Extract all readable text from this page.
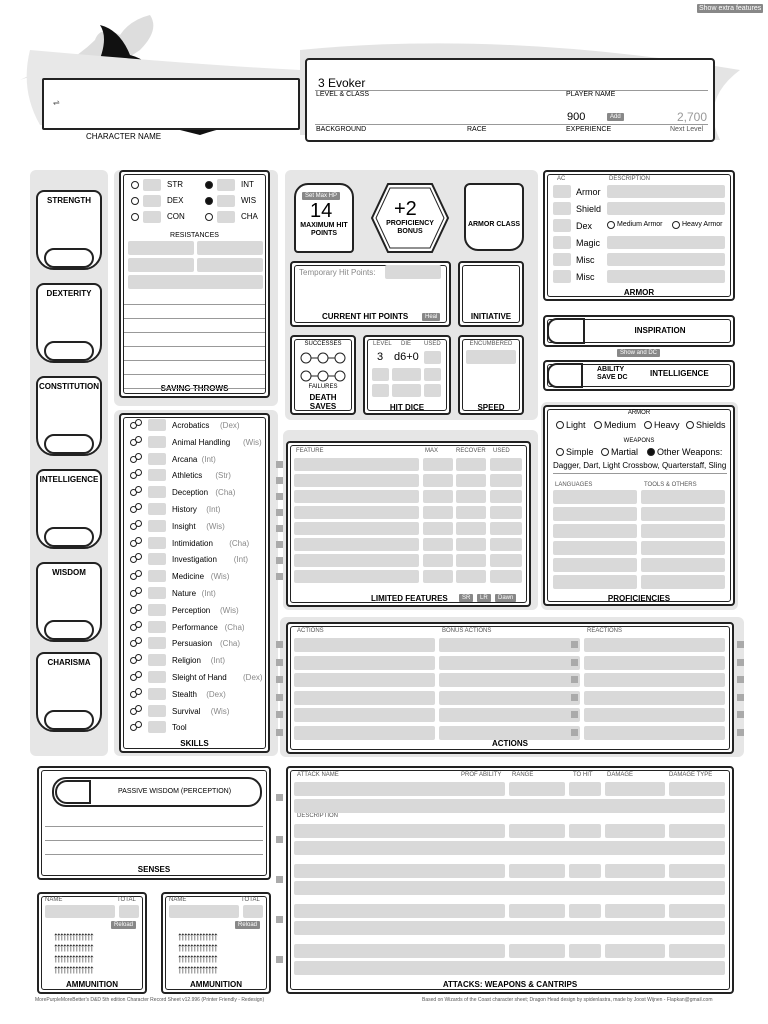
Show extra features
⇌
CHARACTER NAME
3 Evoker
LEVEL & CLASS	PLAYER NAME
900	Add	2,700
BACKGROUND	RACE	EXPERIENCE	Next Level
RESISTANCES
SKILLS
Set Max HP
14
MAXIMUM HIT POINTS
+2
PROFICIENCY BONUS
ARMOR CLASS
Temporary Hit Points:
CURRENT HIT POINTS	Heal	INITIATIVE
SUCCESSES
FAILURES
DEATH SAVES
LEVEL DIE USED
3 d6+0
HIT DICE
ENCUMBERED
SPEED
AC	DESCRIPTION
ARMOR
INSPIRATION
Show and DC
ABILITY SAVE DC	INTELLIGENCE
ARMOR
WEAPONS
Dagger, Dart, Light Crossbow, Quarterstaff, Sling
LANGUAGES	TOOLS & OTHERS
PROFICIENCIES
FEATURE	MAX	RECOVER USED
LIMITED FEATURES	SR	LR	Dawn
ACTIONS	BONUS ACTIONS	REACTIONS
ACTIONS
PASSIVE WISDOM (PERCEPTION)
SENSES
ATTACK NAME	PROF ABILITY RANGE	TO HIT DAMAGE	DAMAGE TYPE
DESCRIPTION
ATTACKS: WEAPONS & CANTRIPS
MorePurpleMoreBetter's D&D 5th edition Character Record Sheet v12.996 (Printer Friendly - Redesign)	Based on Wizards of the Coast character sheet; Dragon Head design by spidenlastra, made by Joost Wijnen - Flapkan@gmail.com
STRENGTH
DEXTERITY
CONSTITUTION
INTELLIGENCE
WISDOM
CHARISMA
STR	INT
DEX	WIS
CON	CHA
Acrobatics (Dex)
Animal Handling (Wis)
Arcana (Int)
Athletics (Str)
Deception (Cha)
History (Int)
Insight (Wis)
Intimidation (Cha)
Investigation (Int)
Medicine (Wis)
Nature (Int)
Perception (Wis)
Performance (Cha)
Persuasion (Cha)
Religion (Int)
Sleight of Hand (Dex)
Stealth (Dex)
Survival (Wis)
Tool
Armor
Shield
Dex
Magic
Misc
Misc
Medium Armor	Heavy Armor
Light Medium Heavy Shields
Simple Martial Other Weapons:
NAME	TOTAL
Reload
↑↑↑↑↑↑↑↑↑↑↑↑↑
↑↑↑↑↑↑↑↑↑↑↑↑↑
↑↑↑↑↑↑↑↑↑↑↑↑↑
↑↑↑↑↑↑↑↑↑↑↑↑↑
AMMUNITION
NAME	TOTAL
Reload
↑↑↑↑↑↑↑↑↑↑↑↑↑
↑↑↑↑↑↑↑↑↑↑↑↑↑
↑↑↑↑↑↑↑↑↑↑↑↑↑
↑↑↑↑↑↑↑↑↑↑↑↑↑
AMMUNITION
